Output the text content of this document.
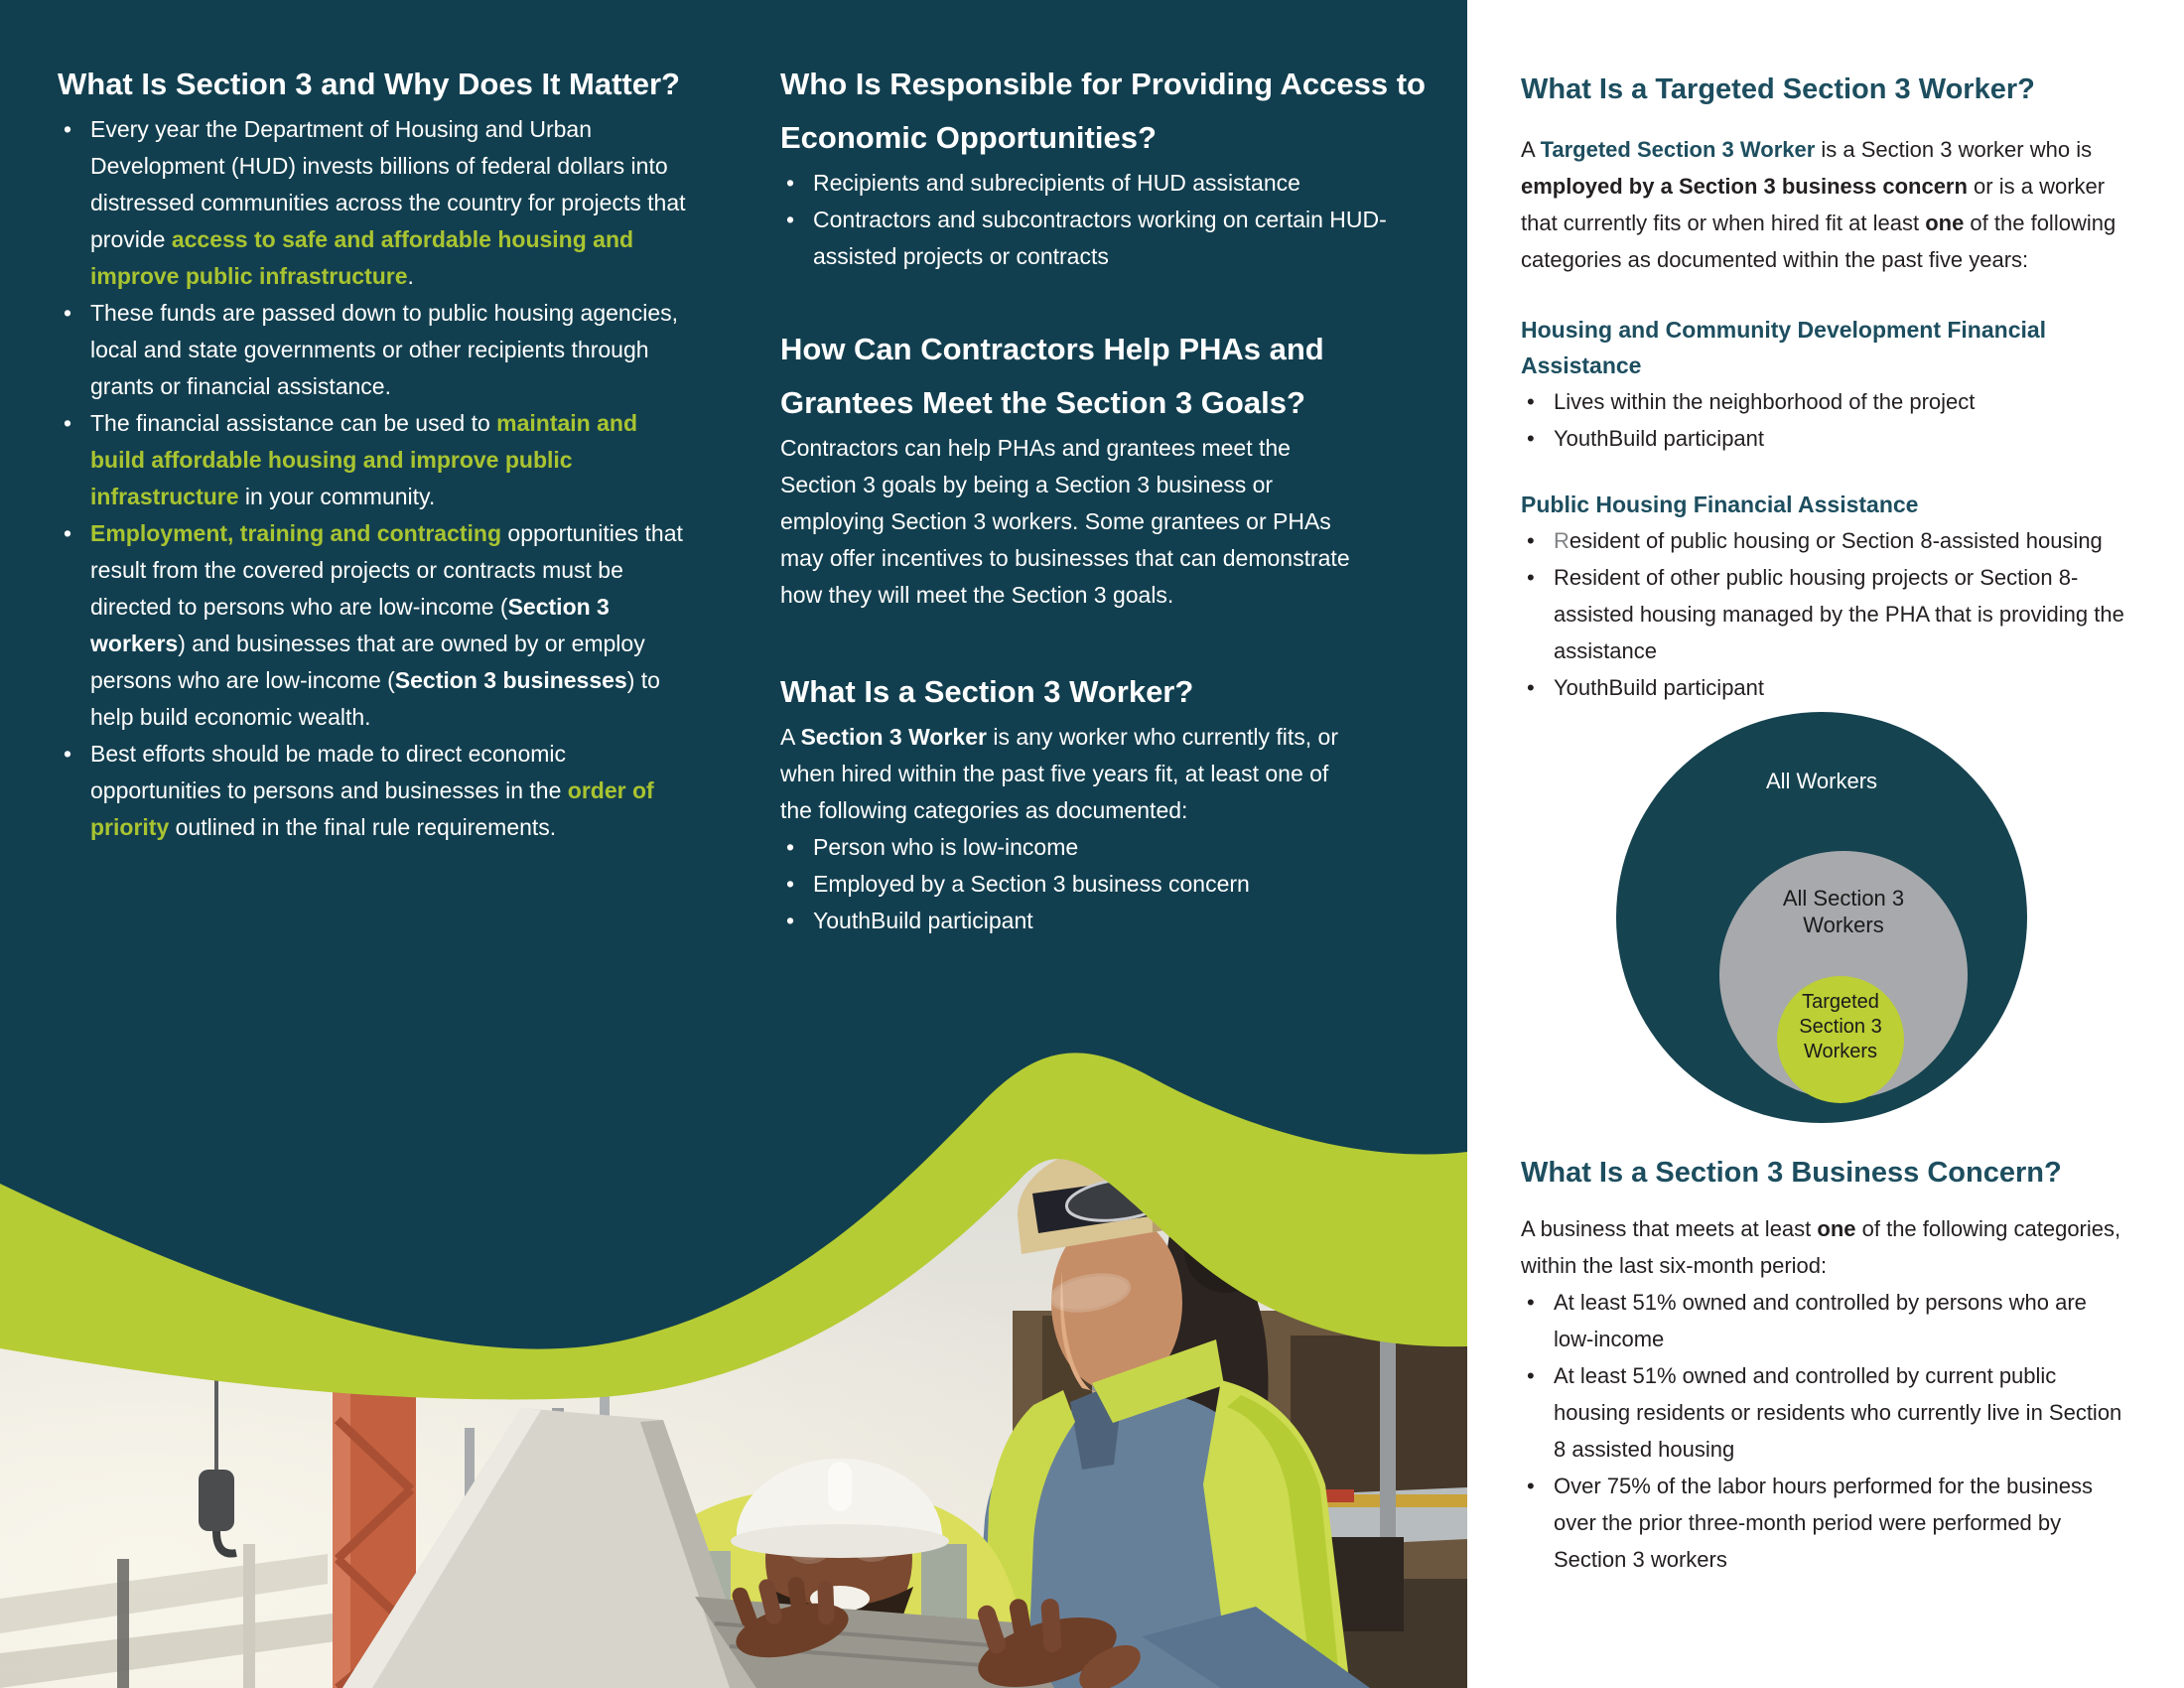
What Is Section 3 and Why Does It Matter?
• Every year the Department of Housing and Urban Development (HUD) invests billions of federal dollars into distressed communities across the country for projects that provide access to safe and affordable housing and improve public infrastructure.
• These funds are passed down to public housing agencies, local and state governments or other recipients through grants or financial assistance.
• The financial assistance can be used to maintain and build affordable housing and improve public infrastructure in your community.
• Employment, training and contracting opportunities that result from the covered projects or contracts must be directed to persons who are low-income (Section 3 workers) and businesses that are owned by or employ persons who are low-income (Section 3 businesses) to help build economic wealth.
• Best efforts should be made to direct economic opportunities to persons and businesses in the order of priority outlined in the final rule requirements.
Who Is Responsible for Providing Access to Economic Opportunities?
• Recipients and subrecipients of HUD assistance
• Contractors and subcontractors working on certain HUD-assisted projects or contracts
How Can Contractors Help PHAs and Grantees Meet the Section 3 Goals?

Contractors can help PHAs and grantees meet the Section 3 goals by being a Section 3 business or employing Section 3 workers. Some grantees or PHAs may offer incentives to businesses that can demonstrate how they will meet the Section 3 goals.

What Is a Section 3 Worker?

A Section 3 Worker is any worker who currently fits, or when hired within the past five years fit, at least one of the following categories as documented:

• Person who is low-income
• Employed by a Section 3 business concern
• YouthBuild participant
What Is a Targeted Section 3 Worker?

A Targeted Section 3 Worker is a Section 3 worker who is employed by a Section 3 business concern or is a worker that currently fits or when hired fit at least one of the following categories as documented within the past five years:

Housing and Community Development Financial Assistance
• Lives within the neighborhood of the project
• YouthBuild participant
Public Housing Financial Assistance
• Resident of public housing or Section 8-assisted housing
• Resident of other public housing projects or Section 8-assisted housing managed by the PHA that is providing the assistance
• YouthBuild participant
All Workers
All Section 3 Workers
Targeted Section 3 Workers
What Is a Section 3 Business Concern?

A business that meets at least one of the following categories, within the last six-month period:

• At least 51% owned and controlled by persons who are low-income
• At least 51% owned and controlled by current public housing residents or residents who currently live in Section 8 assisted housing
• Over 75% of the labor hours performed for the business over the prior three-month period were performed by Section 3 workers
